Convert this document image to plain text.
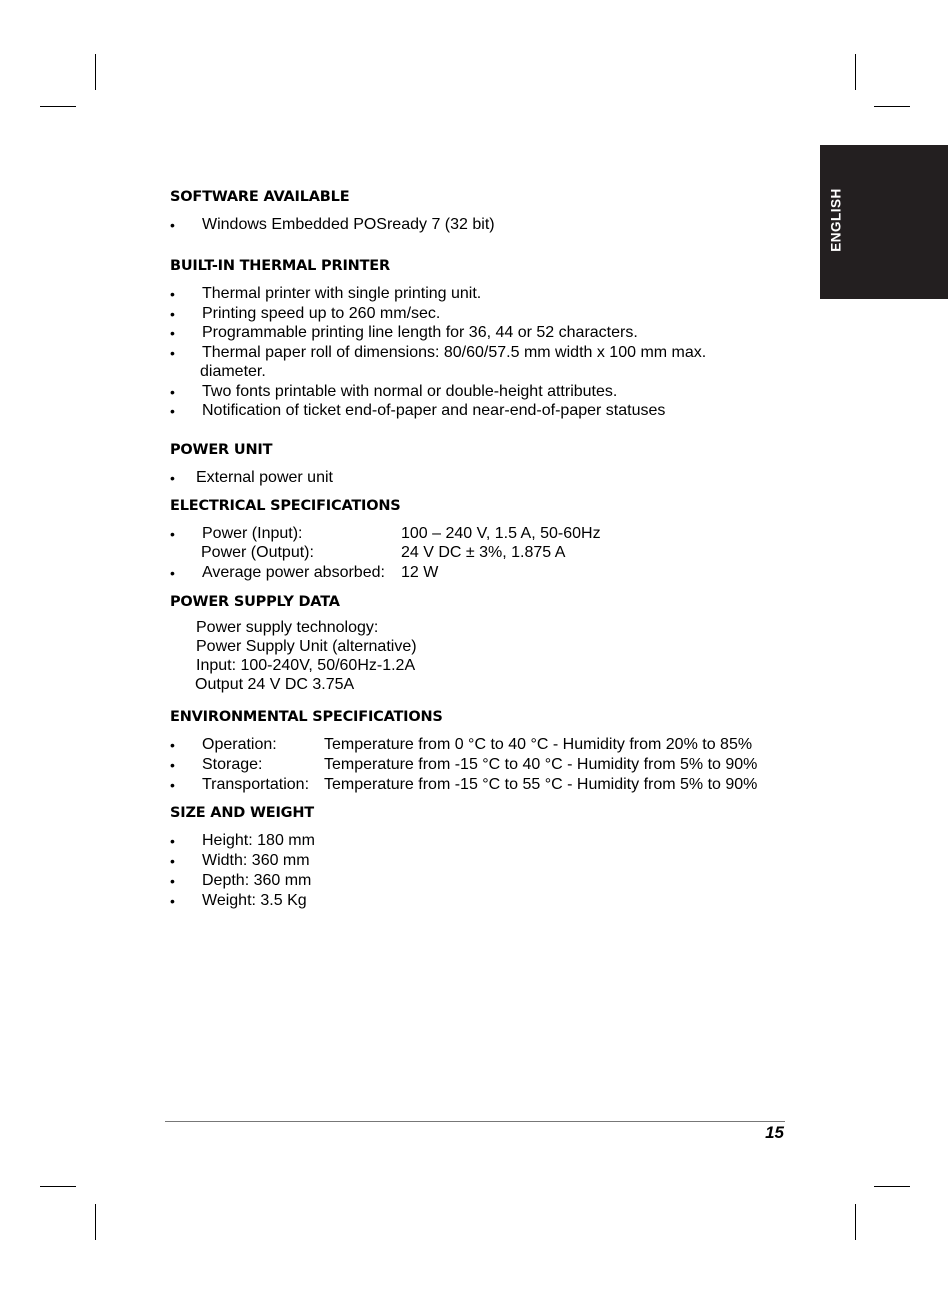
ENGLISH
SOFTWARE AVAILABLE
• Windows Embedded POSready 7 (32 bit)
BUILT-IN THERMAL PRINTER
• Thermal printer with single printing unit.
• Printing speed up to 260 mm/sec.
• Programmable printing line length for 36, 44 or 52 characters.
• Thermal paper roll of dimensions: 80/60/57.5 mm width x 100 mm max.
diameter.
• Two fonts printable with normal or double-height attributes.
• Notification of ticket end-of-paper and near-end-of-paper statuses
POWER UNIT
• External power unit
ELECTRICAL SPECIFICATIONS
• Power (Input):	100 – 240 V, 1.5 A, 50-60Hz
Power (Output):	24 V DC ± 3%, 1.875 A
• Average power absorbed: 12 W
POWER SUPPLY DATA
Power supply technology:
Power Supply Unit (alternative)
Input: 100-240V, 50/60Hz-1.2A
Output 24 V DC 3.75A
ENVIRONMENTAL SPECIFICATIONS
• Operation:	Temperature from 0 °C to 40 °C - Humidity from 20% to 85%
• Storage:	Temperature from -15 °C to 40 °C - Humidity from 5% to 90%
• Transportation: Temperature from -15 °C to 55 °C - Humidity from 5% to 90%
SIZE AND WEIGHT
• Height: 180 mm
• Width: 360 mm
• Depth: 360 mm
• Weight: 3.5 Kg
15
